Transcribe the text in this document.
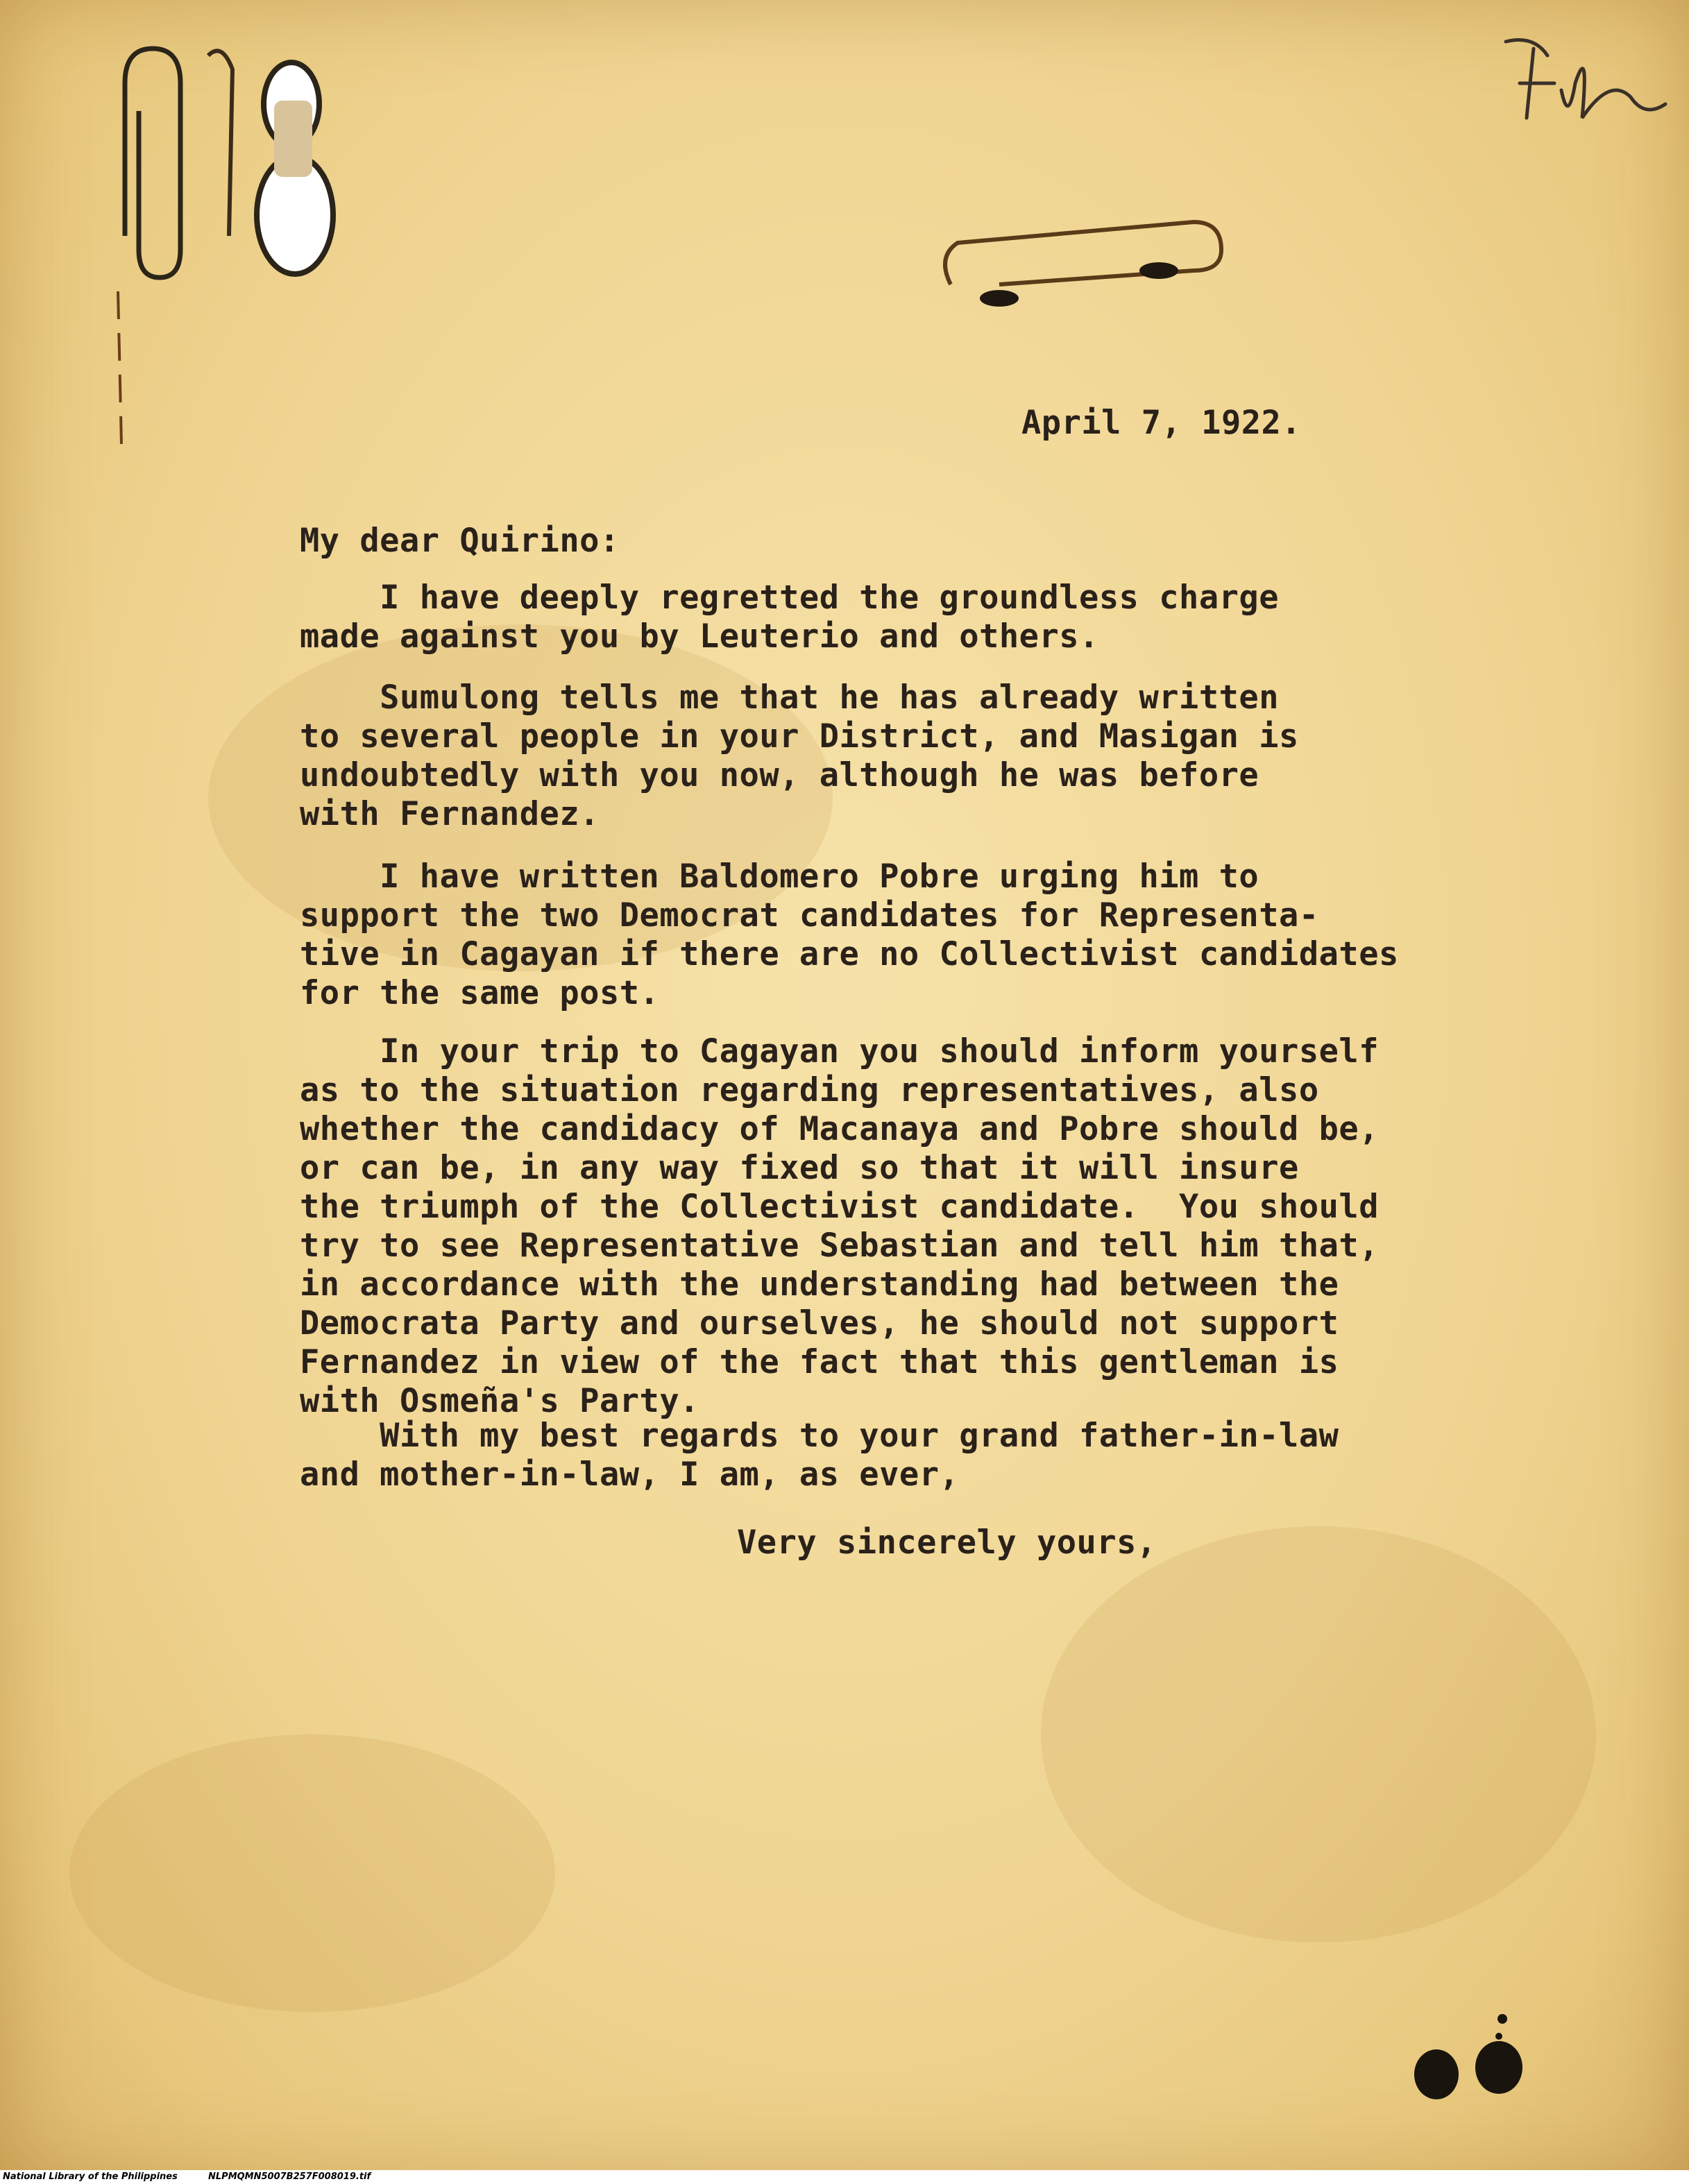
April 7, 1922.
My dear Quirino:
I have deeply regretted the groundless charge
made against you by Leuterio and others.
Sumulong tells me that he has already written
to several people in your District, and Masigan is
undoubtedly with you now, although he was before
with Fernandez.
I have written Baldomero Pobre urging him to
support the two Democrat candidates for Representa-
tive in Cagayan if there are no Collectivist candidates
for the same post.
In your trip to Cagayan you should inform yourself
as to the situation regarding representatives, also
whether the candidacy of Macanaya and Pobre should be,
or can be, in any way fixed so that it will insure
the triumph of the Collectivist candidate.  You should
try to see Representative Sebastian and tell him that,
in accordance with the understanding had between the
Democrata Party and ourselves, he should not support
Fernandez in view of the fact that this gentleman is
with Osmeña's Party.
With my best regards to your grand father-in-law
and mother-in-law, I am, as ever,
Very sincerely yours,
National Library of the Philippines	NLPMQMN5007B257F008019.tif
